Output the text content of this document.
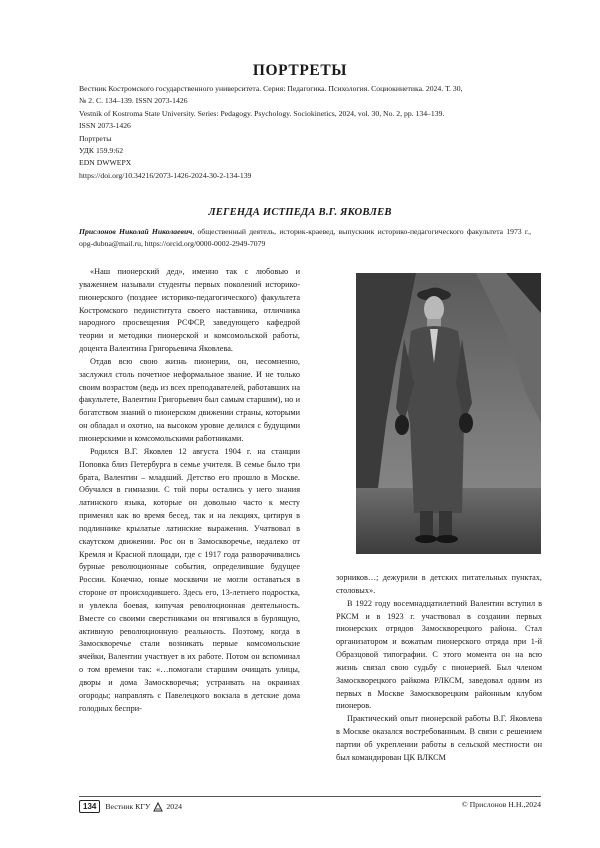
ПОРТРЕТЫ
Вестник Костромского государственного университета. Серия: Педагогика. Психология. Социокинетика. 2024. Т. 30,
№ 2. С. 134–139. ISSN 2073-1426
Vestnik of Kostroma State University. Series: Pedagogy. Psychology. Sociokinetics, 2024, vol. 30, No. 2, pp. 134–139.
ISSN 2073-1426
Портреты
УДК 159.9:62
EDN DWWEPX
https://doi.org/10.34216/2073-1426-2024-30-2-134-139
ЛЕГЕНДА ИСТПЕДА В.Г. ЯКОВЛЕВ
Прислонов Николай Николаевич, общественный деятель, историк-краевед, выпускник историко-педагогического факультета 1973 г., opg-dubna@mail.ru, https://orcid.org/0000-0002-2949-7079

«Наш пионерский дед», именно так с любовью и уважением называли студенты первых поколений историко-пионерского (позднее историко-педагогического) факультета Костромского пединститута своего наставника, отличника народного просвещения РСФСР, заведующего кафедрой теории и методики пионерской и комсомольской работы, доцента Валентина Григорьевича Яковлева.

Отдав всю свою жизнь пионерии, он, несомненно, заслужил столь почетное неформальное звание. И не только своим возрастом (ведь из всех преподавателей, работавших на факультете, Валентин Григорьевич был самым старшим), но и богатством знаний о пионерском движении страны, которыми он обладал и охотно, на высоком уровне делился с будущими пионерскими и комсомольскими работниками.

Родился В.Г. Яковлев 12 августа 1904 г. на станции Поповка близ Петербурга в семье учителя. В семье было три брата, Валентин – младший. Детство его прошло в Москве. Обучался в гимназии. С той поры остались у него знания латинского языка, которые он довольно часто к месту применял как во время бесед, так и на лекциях, цитируя в подлиннике крылатые латинские выражения. Учатвовал в скаутском движении. Рос он в Замоскворечье, недалеко от Кремля и Красной площади, где с 1917 года разворачивались бурные революционные события, определившие будущее России. Конечно, юные москвичи не могли оставаться в стороне от происходившего. Здесь его, 13-летнего подростка, и увлекла боевая, кипучая революционная деятельность. Вместе со своими сверстниками он втягивался в бурлящую, активную революционную реальность. Поэтому, когда в Замоскворечье стали возникать первые комсомольские ячейки, Валентин участвует в их работе. Потом он вспоминал о том времени так: «…помогали старшим очищать улицы, дворы и дома Замоскворечья; устранвать на окраинах огороды; направлять с Павелецкого вокзала в детские дома голодных беспри-

зорников…; дежурили в детских питательных пунктах, столовых».

В 1922 году восемнадцатилетний Валентин вступил в РКСМ и в 1923 г. участвовал в создании первых пионерских отрядов Замоскворецкого района. Стал организатором и вожатым пионерского отряда при 1-й Образцовой типографии. С этого момента он на всю жизнь связал свою судьбу с пионерией. Был членом Замоскворецкого райкома РЛКСМ, заведовал одним из первых в Москве Замоскворецким районным клубом пионеров.

Практический опыт пионерской работы В.Г. Яковлева в Москве оказался востребованным. В связи с решением партии об укреплении работы в сельской местности он был командирован ЦК ВЛКСМ

134	Вестник КГУ 2024	© Прислонов Н.Н.,2024
